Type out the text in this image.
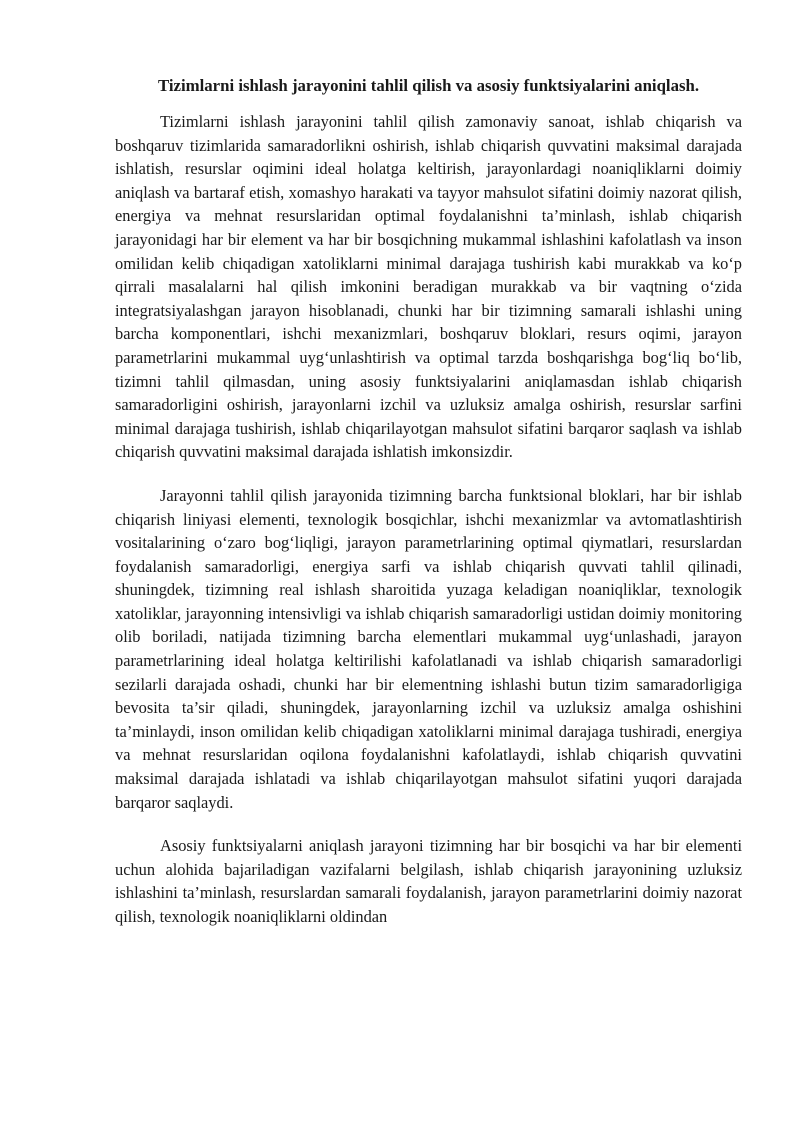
Tizimlarni ishlash jarayonini tahlil qilish va asosiy funktsiyalarini aniqlash.

Tizimlarni ishlash jarayonini tahlil qilish zamonaviy sanoat, ishlab chiqarish va boshqaruv tizimlarida samaradorlikni oshirish, ishlab chiqarish quvvatini maksimal darajada ishlatish, resurslar oqimini ideal holatga keltirish, jarayonlardagi noaniqliklarni doimiy aniqlash va bartaraf etish, xomashyo harakati va tayyor mahsulot sifatini doimiy nazorat qilish, energiya va mehnat resurslaridan optimal foydalanishni ta’minlash, ishlab chiqarish jarayonidagi har bir element va har bir bosqichning mukammal ishlashini kafolatlash va inson omilidan kelib chiqadigan xatoliklarni minimal darajaga tushirish kabi murakkab va ko‘p qirrali masalalarni hal qilish imkonini beradigan murakkab va bir vaqtning o‘zida integratsiyalashgan jarayon hisoblanadi, chunki har bir tizimning samarali ishlashi uning barcha komponentlari, ishchi mexanizmlari, boshqaruv bloklari, resurs oqimi, jarayon parametrlarini mukammal uyg‘unlashtirish va optimal tarzda boshqarishga bog‘liq bo‘lib, tizimni tahlil qilmasdan, uning asosiy funktsiyalarini aniqlamasdan ishlab chiqarish samaradorligini oshirish, jarayonlarni izchil va uzluksiz amalga oshirish, resurslar sarfini minimal darajaga tushirish, ishlab chiqarilayotgan mahsulot sifatini barqaror saqlash va ishlab chiqarish quvvatini maksimal darajada ishlatish imkonsizdir.

Jarayonni tahlil qilish jarayonida tizimning barcha funktsional bloklari, har bir ishlab chiqarish liniyasi elementi, texnologik bosqichlar, ishchi mexanizmlar va avtomatlashtirish vositalarining o‘zaro bog‘liqligi, jarayon parametrlarining optimal qiymatlari, resurslardan foydalanish samaradorligi, energiya sarfi va ishlab chiqarish quvvati tahlil qilinadi, shuningdek, tizimning real ishlash sharoitida yuzaga keladigan noaniqliklar, texnologik xatoliklar, jarayonning intensivligi va ishlab chiqarish samaradorligi ustidan doimiy monitoring olib boriladi, natijada tizimning barcha elementlari mukammal uyg‘unlashadi, jarayon parametrlarining ideal holatga keltirilishi kafolatlanadi va ishlab chiqarish samaradorligi sezilarli darajada oshadi, chunki har bir elementning ishlashi butun tizim samaradorligiga bevosita ta’sir qiladi, shuningdek, jarayonlarning izchil va uzluksiz amalga oshishini ta’minlaydi, inson omilidan kelib chiqadigan xatoliklarni minimal darajaga tushiradi, energiya va mehnat resurslaridan oqilona foydalanishni kafolatlaydi, ishlab chiqarish quvvatini maksimal darajada ishlatadi va ishlab chiqarilayotgan mahsulot sifatini yuqori darajada barqaror saqlaydi.

Asosiy funktsiyalarni aniqlash jarayoni tizimning har bir bosqichi va har bir elementi uchun alohida bajariladigan vazifalarni belgilash, ishlab chiqarish jarayonining uzluksiz ishlashini ta’minlash, resurslardan samarali foydalanish, jarayon parametrlarini doimiy nazorat qilish, texnologik noaniqliklarni oldindan
